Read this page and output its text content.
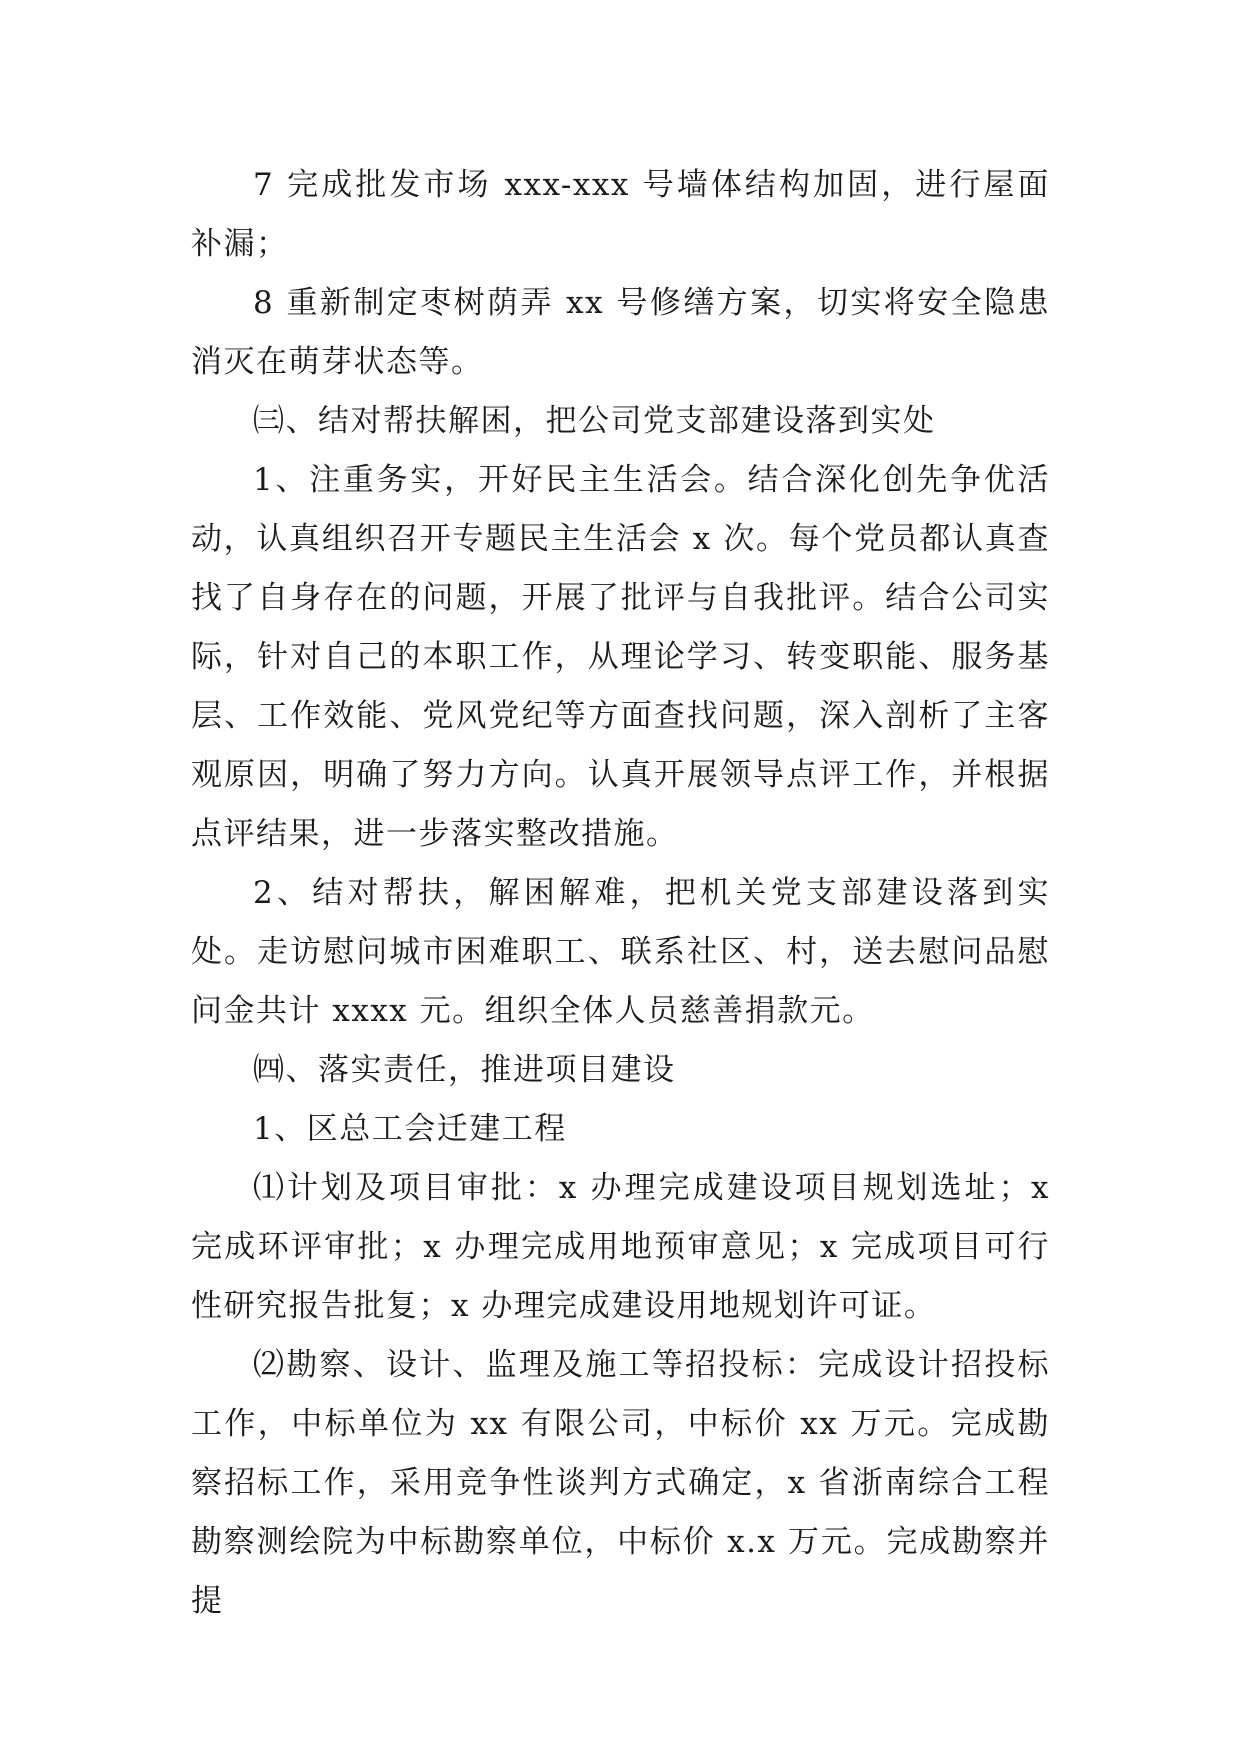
7 完成批发市场 xxx-xxx 号墙体结构加固，进行屋面补漏；

8 重新制定枣树荫弄 xx 号修缮方案，切实将安全隐患消灭在萌芽状态等。

㈢、结对帮扶解困，把公司党支部建设落到实处

1、注重务实，开好民主生活会。结合深化创先争优活动，认真组织召开专题民主生活会 x 次。每个党员都认真查找了自身存在的问题，开展了批评与自我批评。结合公司实际，针对自己的本职工作，从理论学习、转变职能、服务基层、工作效能、党风党纪等方面查找问题，深入剖析了主客观原因，明确了努力方向。认真开展领导点评工作，并根据点评结果，进一步落实整改措施。

2、结对帮扶，解困解难，把机关党支部建设落到实处。走访慰问城市困难职工、联系社区、村，送去慰问品慰问金共计 xxxx 元。组织全体人员慈善捐款元。

㈣、落实责任，推进项目建设

1、区总工会迁建工程

⑴计划及项目审批：x 办理完成建设项目规划选址；x 完成环评审批；x 办理完成用地预审意见；x 完成项目可行性研究报告批复；x 办理完成建设用地规划许可证。

⑵勘察、设计、监理及施工等招投标：完成设计招投标工作，中标单位为 xx 有限公司，中标价 xx 万元。完成勘察招标工作，采用竞争性谈判方式确定，x 省浙南综合工程勘察测绘院为中标勘察单位，中标价 x.x 万元。完成勘察并提
